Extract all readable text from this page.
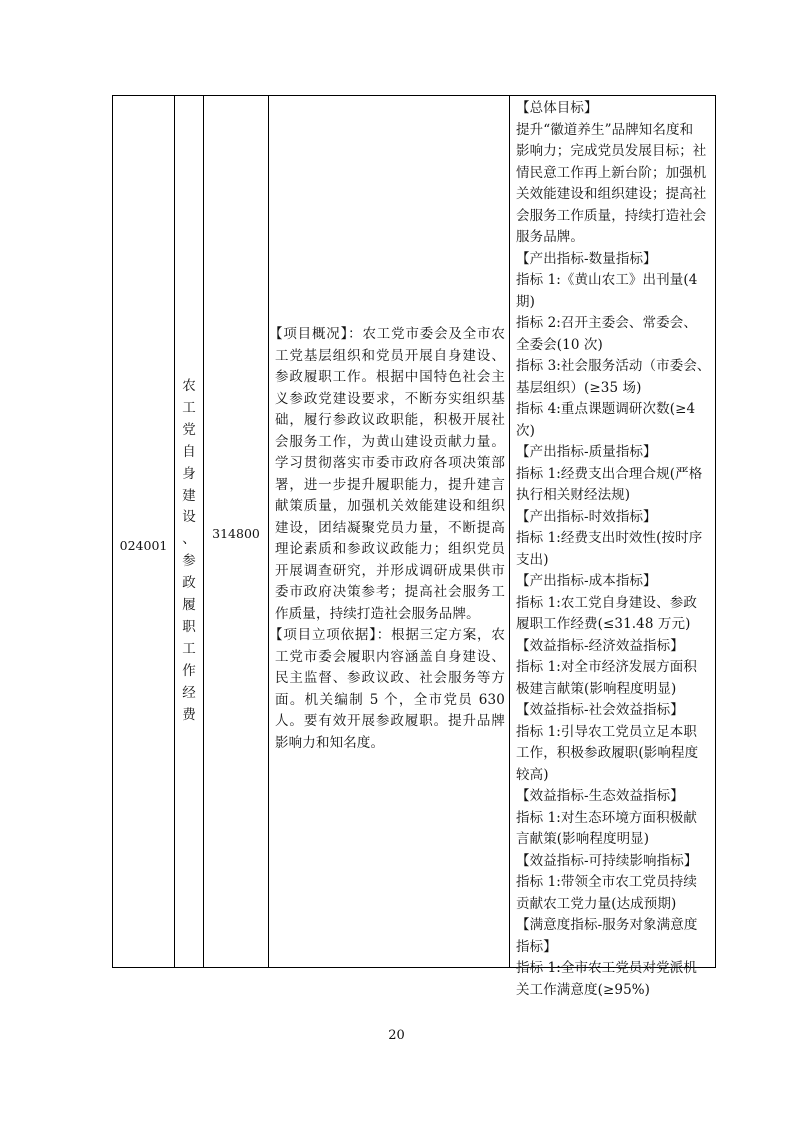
024001
农
工
党
自
身
建
设
、
参
政
履
职
工
作
经
费
314800

【项目概况】：农工党市委会及全市农工党基层组织和党员开展自身建设、参政履职工作。根据中国特色社会主义参政党建设要求，不断夯实组织基础，履行参政议政职能，积极开展社会服务工作，为黄山建设贡献力量。学习贯彻落实市委市政府各项决策部署，进一步提升履职能力，提升建言献策质量，加强机关效能建设和组织建设，团结凝聚党员力量，不断提高理论素质和参政议政能力；组织党员开展调查研究，并形成调研成果供市委市政府决策参考；提高社会服务工作质量，持续打造社会服务品牌。

【项目立项依据】：根据三定方案，农工党市委会履职内容涵盖自身建设、民主监督、参政议政、社会服务等方面。机关编制 5 个，全市党员 630 人。要有效开展参政履职。提升品牌影响力和知名度。

【总体目标】
提升“徽道养生”品牌知名度和
影响力；完成党员发展目标；社
情民意工作再上新台阶；加强机
关效能建设和组织建设；提高社
会服务工作质量，持续打造社会
服务品牌。
【产出指标-数量指标】
指标 1:《黄山农工》出刊量(4
期)
指标 2:召开主委会、常委会、
全委会(10 次)
指标 3:社会服务活动（市委会、
基层组织）(≥35 场)
指标 4:重点课题调研次数(≥4
次)
【产出指标-质量指标】
指标 1:经费支出合理合规(严格
执行相关财经法规)
【产出指标-时效指标】
指标 1:经费支出时效性(按时序
支出)
【产出指标-成本指标】
指标 1:农工党自身建设、参政
履职工作经费(≤31.48 万元)
【效益指标-经济效益指标】
指标 1:对全市经济发展方面积
极建言献策(影响程度明显)
【效益指标-社会效益指标】
指标 1:引导农工党员立足本职
工作，积极参政履职(影响程度
较高)
【效益指标-生态效益指标】
指标 1:对生态环境方面积极献
言献策(影响程度明显)
【效益指标-可持续影响指标】
指标 1:带领全市农工党员持续
贡献农工党力量(达成预期)
【满意度指标-服务对象满意度
指标】
指标 1:全市农工党员对党派机
关工作满意度(≥95%)
20
